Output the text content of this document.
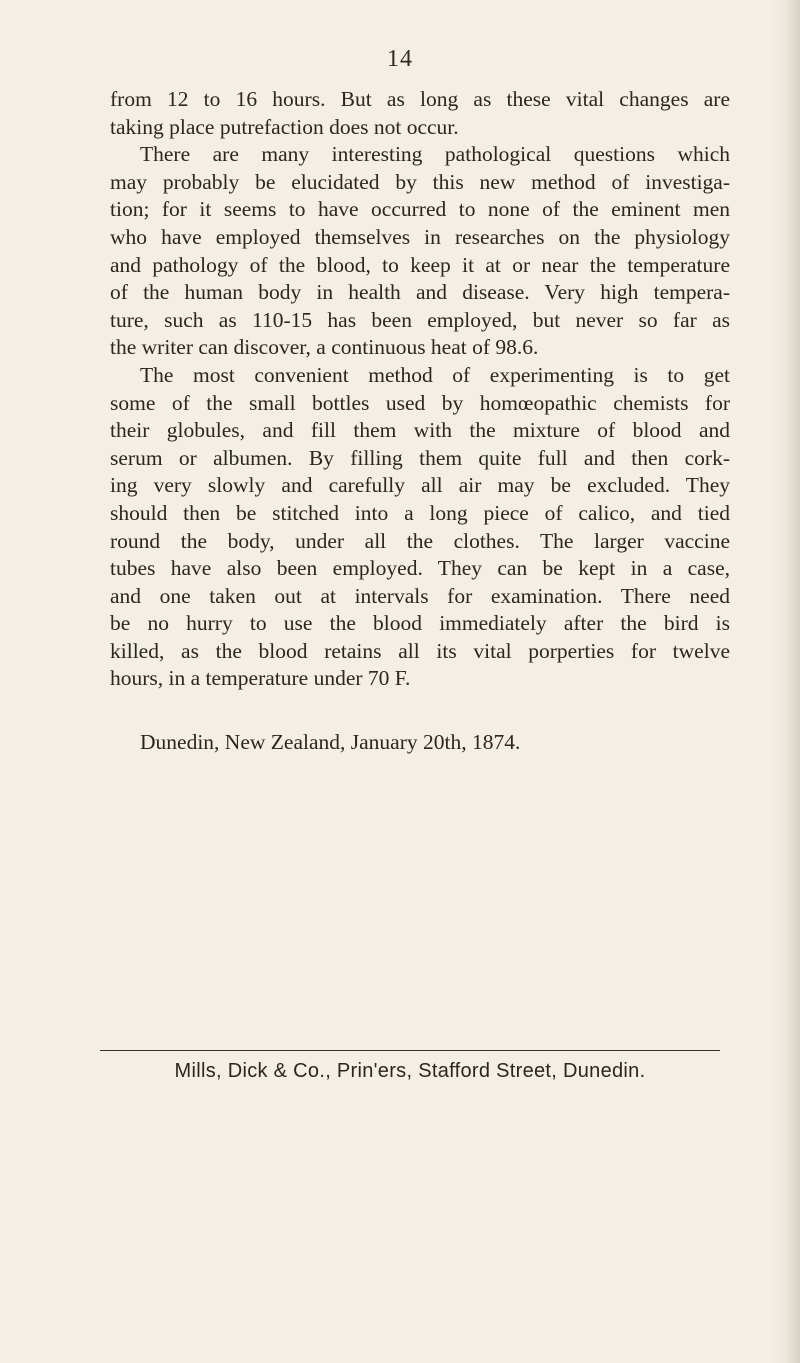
14
from 12 to 16 hours. But as long as these vital changes are
taking place putrefaction does not occur.
There are many interesting pathological questions which
may probably be elucidated by this new method of investiga-
tion; for it seems to have occurred to none of the eminent men
who have employed themselves in researches on the physiology
and pathology of the blood, to keep it at or near the temperature
of the human body in health and disease. Very high tempera-
ture, such as 110-15 has been employed, but never so far as
the writer can discover, a continuous heat of 98.6.
The most convenient method of experimenting is to get
some of the small bottles used by homœopathic chemists for
their globules, and fill them with the mixture of blood and
serum or albumen. By filling them quite full and then cork-
ing very slowly and carefully all air may be excluded. They
should then be stitched into a long piece of calico, and tied
round the body, under all the clothes. The larger vaccine
tubes have also been employed. They can be kept in a case,
and one taken out at intervals for examination. There need
be no hurry to use the blood immediately after the bird is
killed, as the blood retains all its vital porperties for twelve
hours, in a temperature under 70 F.
Dunedin, New Zealand, January 20th, 1874.
Mills, Dick & Co., Prin'ers, Stafford Street, Dunedin.
